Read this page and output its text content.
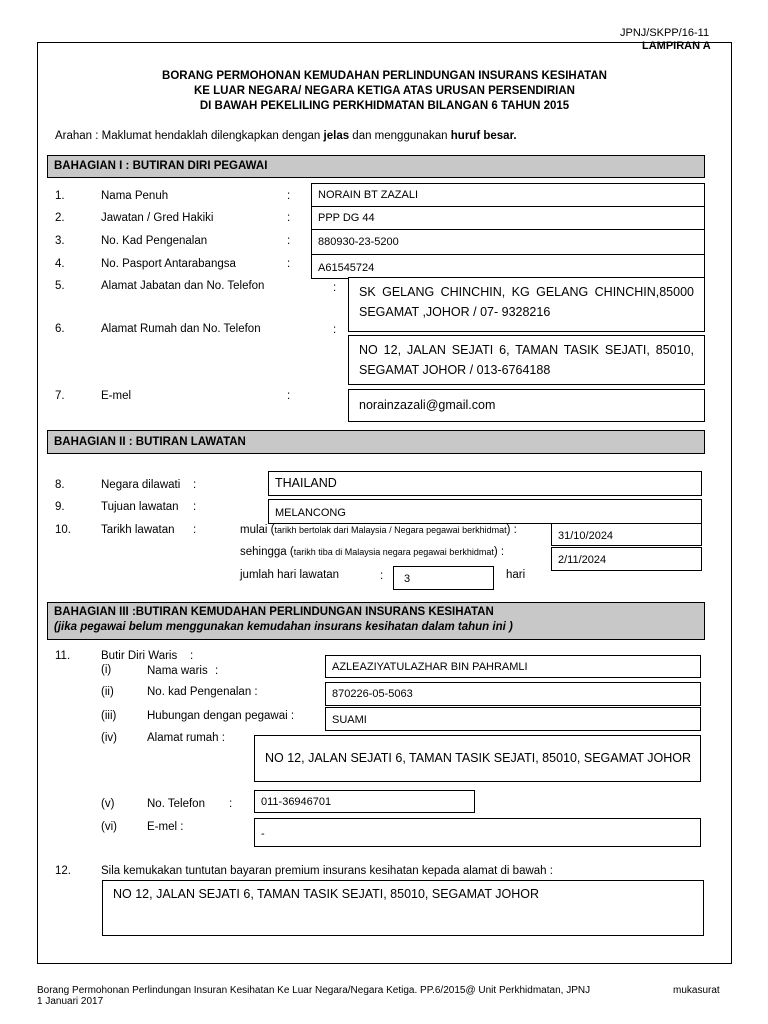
JPNJ/SKPP/16-11
LAMPIRAN A
BORANG PERMOHONAN KEMUDAHAN PERLINDUNGAN INSURANS KESIHATAN
KE LUAR NEGARA/ NEGARA KETIGA ATAS URUSAN PERSENDIRIAN
DI BAWAH PEKELILING PERKHIDMATAN BILANGAN 6 TAHUN 2015
Arahan : Maklumat hendaklah dilengkapkan dengan jelas dan menggunakan huruf besar.
BAHAGIAN I : BUTIRAN DIRI PEGAWAI
1.	Nama Penuh	:	NORAIN BT ZAZALI
2.	Jawatan / Gred Hakiki	:	PPP DG 44
3.	No. Kad Pengenalan	:	880930-23-5200
4.	No. Pasport Antarabangsa	:	A61545724
5.	Alamat Jabatan dan No. Telefon	:	SK GELANG CHINCHIN, KG GELANG CHINCHIN,85000 SEGAMAT ,JOHOR / 07- 9328216
6.	Alamat Rumah dan No. Telefon	:
NO 12, JALAN SEJATI 6, TAMAN TASIK SEJATI, 85010, SEGAMAT JOHOR / 013-6764188
7.	E-mel	:
norainzazali@gmail.com
BAHAGIAN II : BUTIRAN LAWATAN
8.	Negara dilawati :	THAILAND
9.	Tujuan lawatan :	MELANCONG
10.	Tarikh lawatan :	mulai (tarikh bertolak dari Malaysia / Negara pegawai berkhidmat) :	31/10/2024
sehingga (tarikh tiba di Malaysia negara pegawai berkhidmat) :
2/11/2024
jumlah hari lawatan	:	3	hari
BAHAGIAN III :BUTIRAN KEMUDAHAN PERLINDUNGAN INSURANS KESIHATAN
(jika pegawai belum menggunakan kemudahan insurans kesihatan dalam tahun ini )
11.	Butir Diri Waris :
(i)	Nama waris :	AZLEAZIYATULAZHAR BIN PAHRAMLI
(ii)	No. kad Pengenalan :	870226-05-5063
(iii)	Hubungan dengan pegawai :	SUAMI
(iv)	Alamat rumah :
NO 12, JALAN SEJATI 6, TAMAN TASIK SEJATI, 85010, SEGAMAT JOHOR
(v)	No. Telefon :	011-36946701
(vi)	E-mel :
-
12.	Sila kemukakan tuntutan bayaran premium insurans kesihatan kepada alamat di bawah :
NO 12, JALAN SEJATI 6, TAMAN TASIK SEJATI, 85010, SEGAMAT JOHOR
Borang Permohonan Perlindungan Insuran Kesihatan Ke Luar Negara/Negara Ketiga. PP.6/2015@ Unit Perkhidmatan, JPNJ
1 Januari 2017
mukasurat
